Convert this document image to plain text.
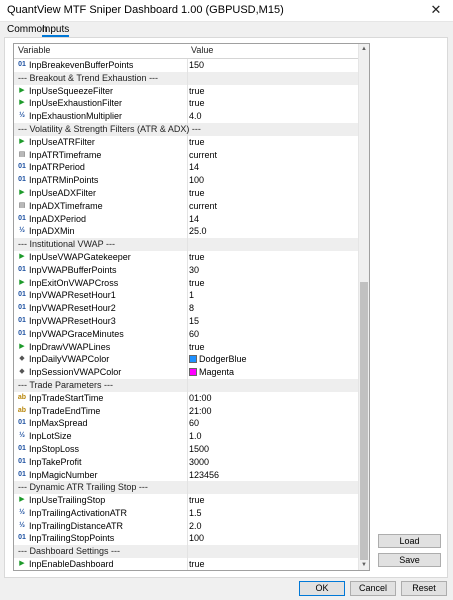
QuantView MTF Sniper Dashboard 1.00 (GBPUSD,M15)	✕
Common
Inputs
Variable	Value
01 InpBreakevenBufferPoints	150
--- Breakout & Trend Exhaustion ---
▶ InpUseSqueezeFilter	true
▶ InpUseExhaustionFilter	true
½ InpExhaustionMultiplier	4.0
--- Volatility & Strength Filters (ATR & ADX) ---
▶ InpUseATRFilter	true
▤ InpATRTimeframe	current
01 InpATRPeriod	14
01 InpATRMinPoints	100
▶ InpUseADXFilter	true
▤ InpADXTimeframe	current
01 InpADXPeriod	14
½ InpADXMin	25.0
--- Institutional VWAP ---
▶ InpUseVWAPGatekeeper	true
01 InpVWAPBufferPoints	30
▶ InpExitOnVWAPCross	true
01 InpVWAPResetHour1	1
01 InpVWAPResetHour2	8
01 InpVWAPResetHour3	15
01 InpVWAPGraceMinutes	60
▶ InpDrawVWAPLines	true
◆ InpDailyVWAPColor	DodgerBlue
◆ InpSessionVWAPColor	Magenta
--- Trade Parameters ---
ab InpTradeStartTime	01:00
ab InpTradeEndTime	21:00
01 InpMaxSpread	60
½ InpLotSize	1.0
01 InpStopLoss	1500
01 InpTakeProfit	3000
01 InpMagicNumber	123456
--- Dynamic ATR Trailing Stop ---
▶ InpUseTrailingStop	true
½ InpTrailingActivationATR	1.5
½ InpTrailingDistanceATR	2.0
01 InpTrailingStopPoints	100
--- Dashboard Settings ---
▶ InpEnableDashboard	true
▲
▼
Load
Save
OK	Cancel	Reset
